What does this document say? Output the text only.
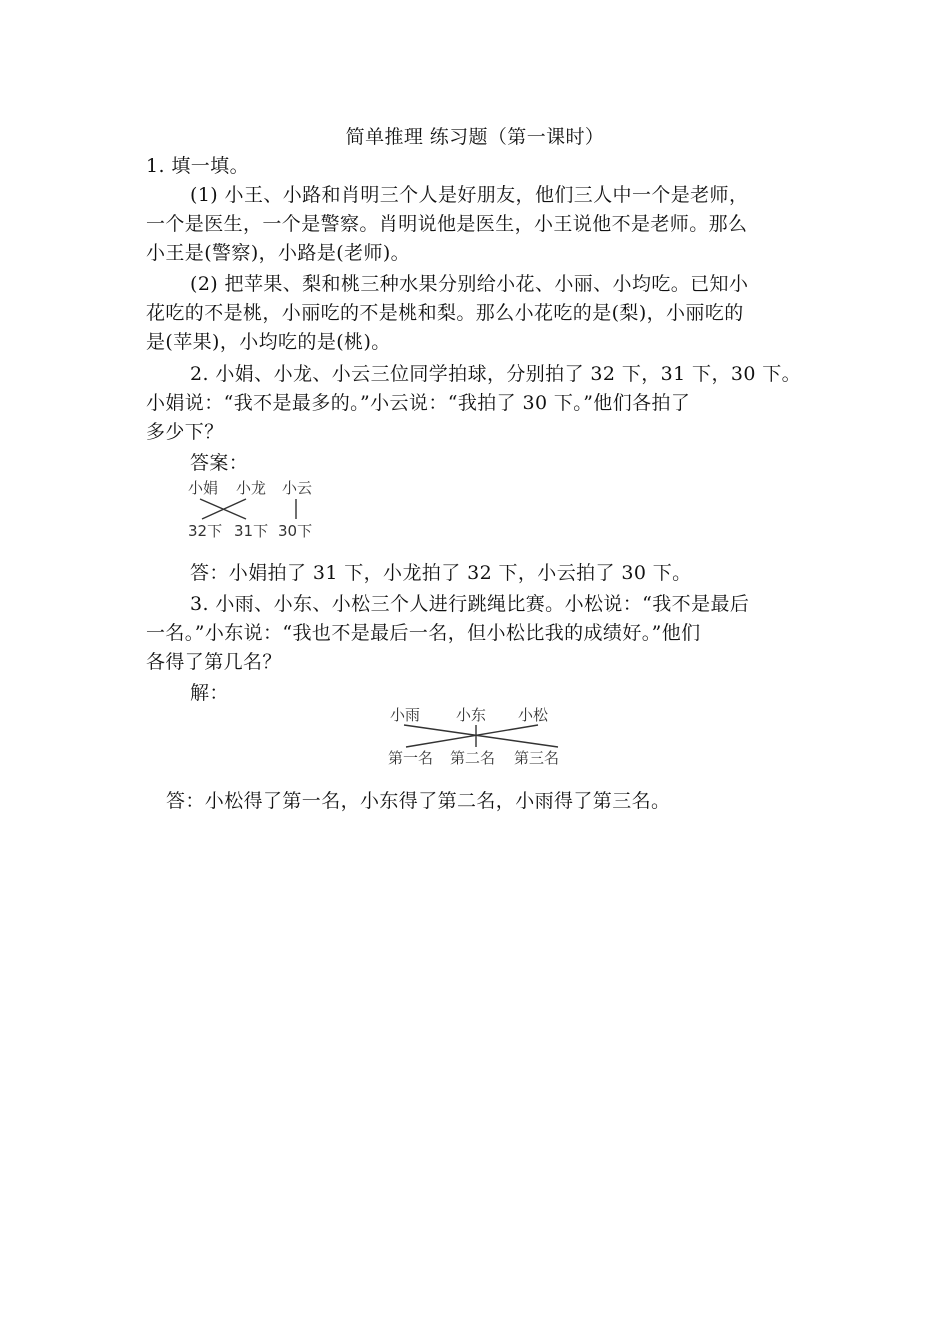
简单推理 练习题（第一课时）
1. 填一填。
(1) 小王、小路和肖明三个人是好朋友，他们三人中一个是老师，
一个是医生，一个是警察。肖明说他是医生，小王说他不是老师。那么
小王是(警察)，小路是(老师)。
(2) 把苹果、梨和桃三种水果分别给小花、小丽、小均吃。已知小
花吃的不是桃，小丽吃的不是桃和梨。那么小花吃的是(梨)，小丽吃的
是(苹果)，小均吃的是(桃)。
2. 小娟、小龙、小云三位同学拍球，分别拍了 32 下，31 下，30 下。
小娟说：“我不是最多的。”小云说：“我拍了 30 下。”他们各拍了
多少下？
答案：
小娟 小龙 小云
32下 31下 30下
答：小娟拍了 31 下，小龙拍了 32 下，小云拍了 30 下。
3. 小雨、小东、小松三个人进行跳绳比赛。小松说：“我不是最后
一名。”小东说：“我也不是最后一名，但小松比我的成绩好。”他们
各得了第几名？
解：
小雨 小东 小松
第一名 第二名 第三名
答：小松得了第一名，小东得了第二名，小雨得了第三名。
